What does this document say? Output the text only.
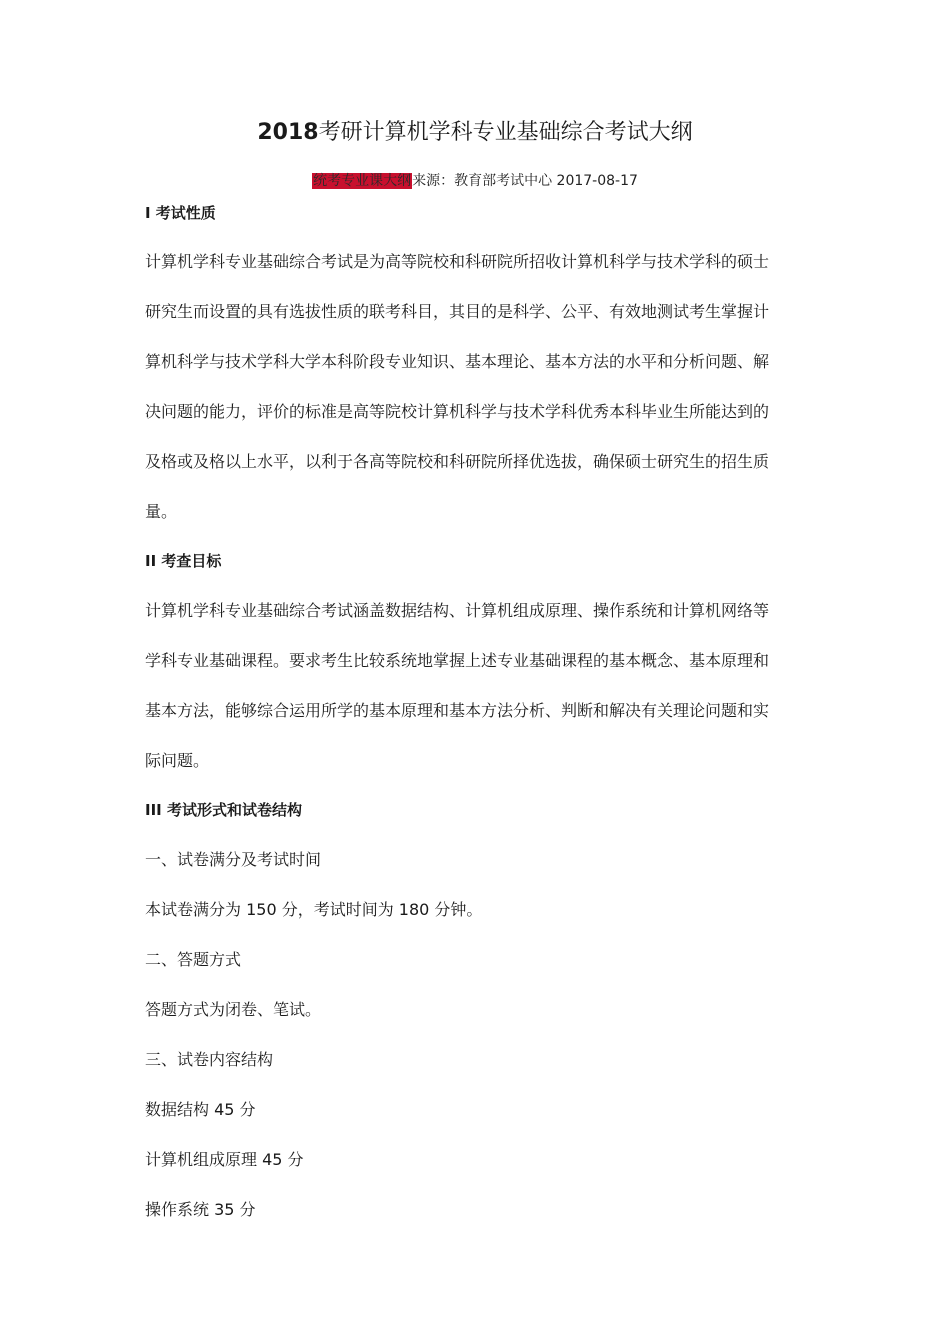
2018考研计算机学科专业基础综合考试大纲
统考专业课大纲来源：教育部考试中心 2017-08-17
I 考试性质
计算机学科专业基础综合考试是为高等院校和科研院所招收计算机科学与技术学科的硕士
研究生而设置的具有选拔性质的联考科目，其目的是科学、公平、有效地测试考生掌握计
算机科学与技术学科大学本科阶段专业知识、基本理论、基本方法的水平和分析问题、解
决问题的能力，评价的标准是高等院校计算机科学与技术学科优秀本科毕业生所能达到的
及格或及格以上水平，以利于各高等院校和科研院所择优选拔，确保硕士研究生的招生质
量。
II 考查目标
计算机学科专业基础综合考试涵盖数据结构、计算机组成原理、操作系统和计算机网络等
学科专业基础课程。要求考生比较系统地掌握上述专业基础课程的基本概念、基本原理和
基本方法，能够综合运用所学的基本原理和基本方法分析、判断和解决有关理论问题和实
际问题。
III 考试形式和试卷结构
一、试卷满分及考试时间
本试卷满分为 150 分，考试时间为 180 分钟。
二、答题方式
答题方式为闭卷、笔试。
三、试卷内容结构
数据结构 45 分
计算机组成原理 45 分
操作系统 35 分
